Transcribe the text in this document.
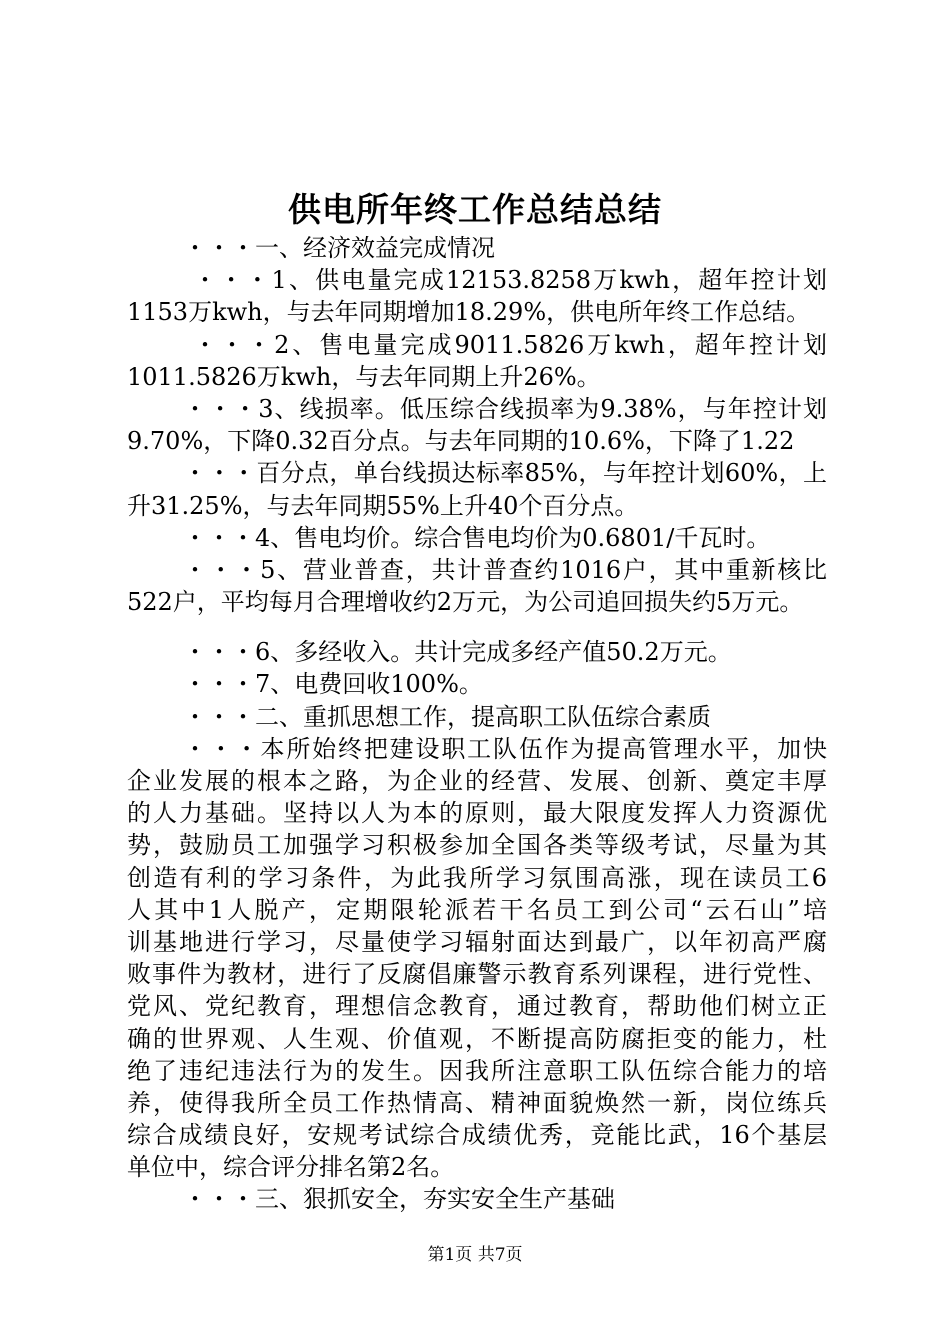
供电所年终工作总结总结
・・・一、经济效益完成情况
・・・1、供电量完成12153.8258万kwh，超年控计划
1153万kwh，与去年同期增加18.29%，供电所年终工作总结。
・・・2、售电量完成9011.5826万kwh，超年控计划
1011.5826万kwh，与去年同期上升26%。
・・・3、线损率。低压综合线损率为9.38%，与年控计划
9.70%，下降0.32百分点。与去年同期的10.6%，下降了1.22
・・・百分点，单台线损达标率85%，与年控计划60%，上
升31.25%，与去年同期55%上升40个百分点。
・・・4、售电均价。综合售电均价为0.6801/千瓦时。
・・・5、营业普查，共计普查约1016户，其中重新核比
522户，平均每月合理增收约2万元，为公司追回损失约5万元。
・・・6、多经收入。共计完成多经产值50.2万元。
・・・7、电费回收100%。
・・・二、重抓思想工作，提高职工队伍综合素质
・・・本所始终把建设职工队伍作为提高管理水平，加快
企业发展的根本之路，为企业的经营、发展、创新、奠定丰厚
的人力基础。坚持以人为本的原则，最大限度发挥人力资源优
势，鼓励员工加强学习积极参加全国各类等级考试，尽量为其
创造有利的学习条件，为此我所学习氛围高涨，现在读员工6
人其中1人脱产，定期限轮派若干名员工到公司“云石山”培
训基地进行学习，尽量使学习辐射面达到最广，以年初高严腐
败事件为教材，进行了反腐倡廉警示教育系列课程，进行党性、
党风、党纪教育，理想信念教育，通过教育，帮助他们树立正
确的世界观、人生观、价值观，不断提高防腐拒变的能力，杜
绝了违纪违法行为的发生。因我所注意职工队伍综合能力的培
养，使得我所全员工作热情高、精神面貌焕然一新，岗位练兵
综合成绩良好，安规考试综合成绩优秀，竞能比武，16个基层
单位中，综合评分排名第2名。
・・・三、狠抓安全，夯实安全生产基础
第1页 共7页
